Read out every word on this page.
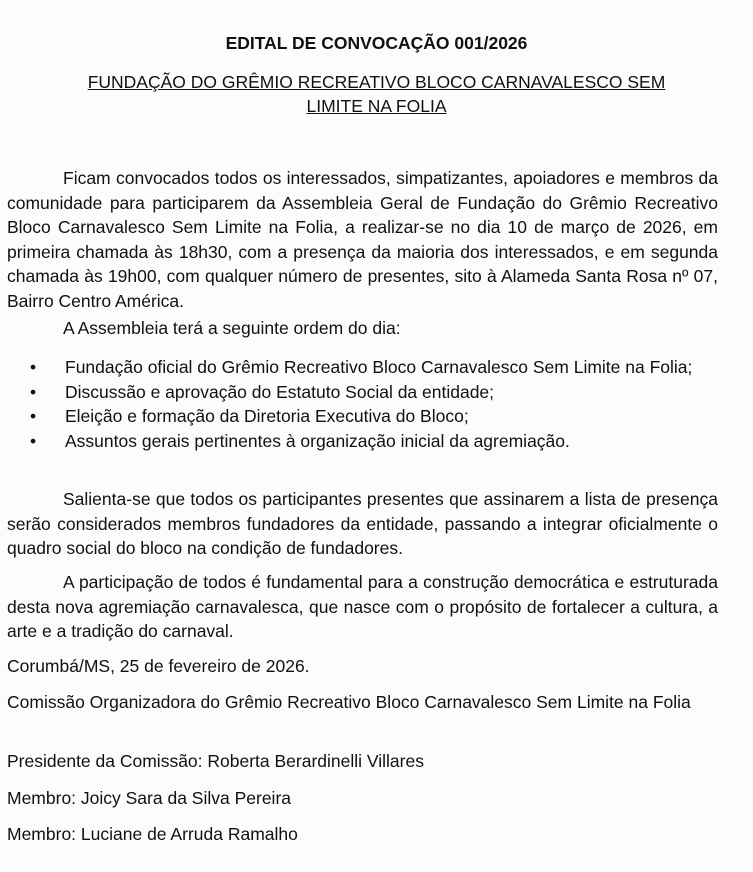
EDITAL DE CONVOCAÇÃO 001/2026

FUNDAÇÃO DO GRÊMIO RECREATIVO BLOCO CARNAVALESCO SEM
LIMITE NA FOLIA

Ficam convocados todos os interessados, simpatizantes, apoiadores e membros da comunidade para participarem da Assembleia Geral de Fundação do Grêmio Recreativo Bloco Carnavalesco Sem Limite na Folia, a realizar-se no dia 10 de março de 2026, em primeira chamada às 18h30, com a presença da maioria dos interessados, e em segunda chamada às 19h00, com qualquer número de presentes, sito à Alameda Santa Rosa nº 07, Bairro Centro América.

A Assembleia terá a seguinte ordem do dia:

• Fundação oficial do Grêmio Recreativo Bloco Carnavalesco Sem Limite na Folia;
• Discussão e aprovação do Estatuto Social da entidade;
• Eleição e formação da Diretoria Executiva do Bloco;
• Assuntos gerais pertinentes à organização inicial da agremiação.

Salienta-se que todos os participantes presentes que assinarem a lista de presença serão considerados membros fundadores da entidade, passando a integrar oficialmente o quadro social do bloco na condição de fundadores.

A participação de todos é fundamental para a construção democrática e estruturada desta nova agremiação carnavalesca, que nasce com o propósito de fortalecer a cultura, a arte e a tradição do carnaval.

Corumbá/MS, 25 de fevereiro de 2026.

Comissão Organizadora do Grêmio Recreativo Bloco Carnavalesco Sem Limite na Folia

Presidente da Comissão: Roberta Berardinelli Villares

Membro: Joicy Sara da Silva Pereira

Membro: Luciane de Arruda Ramalho
